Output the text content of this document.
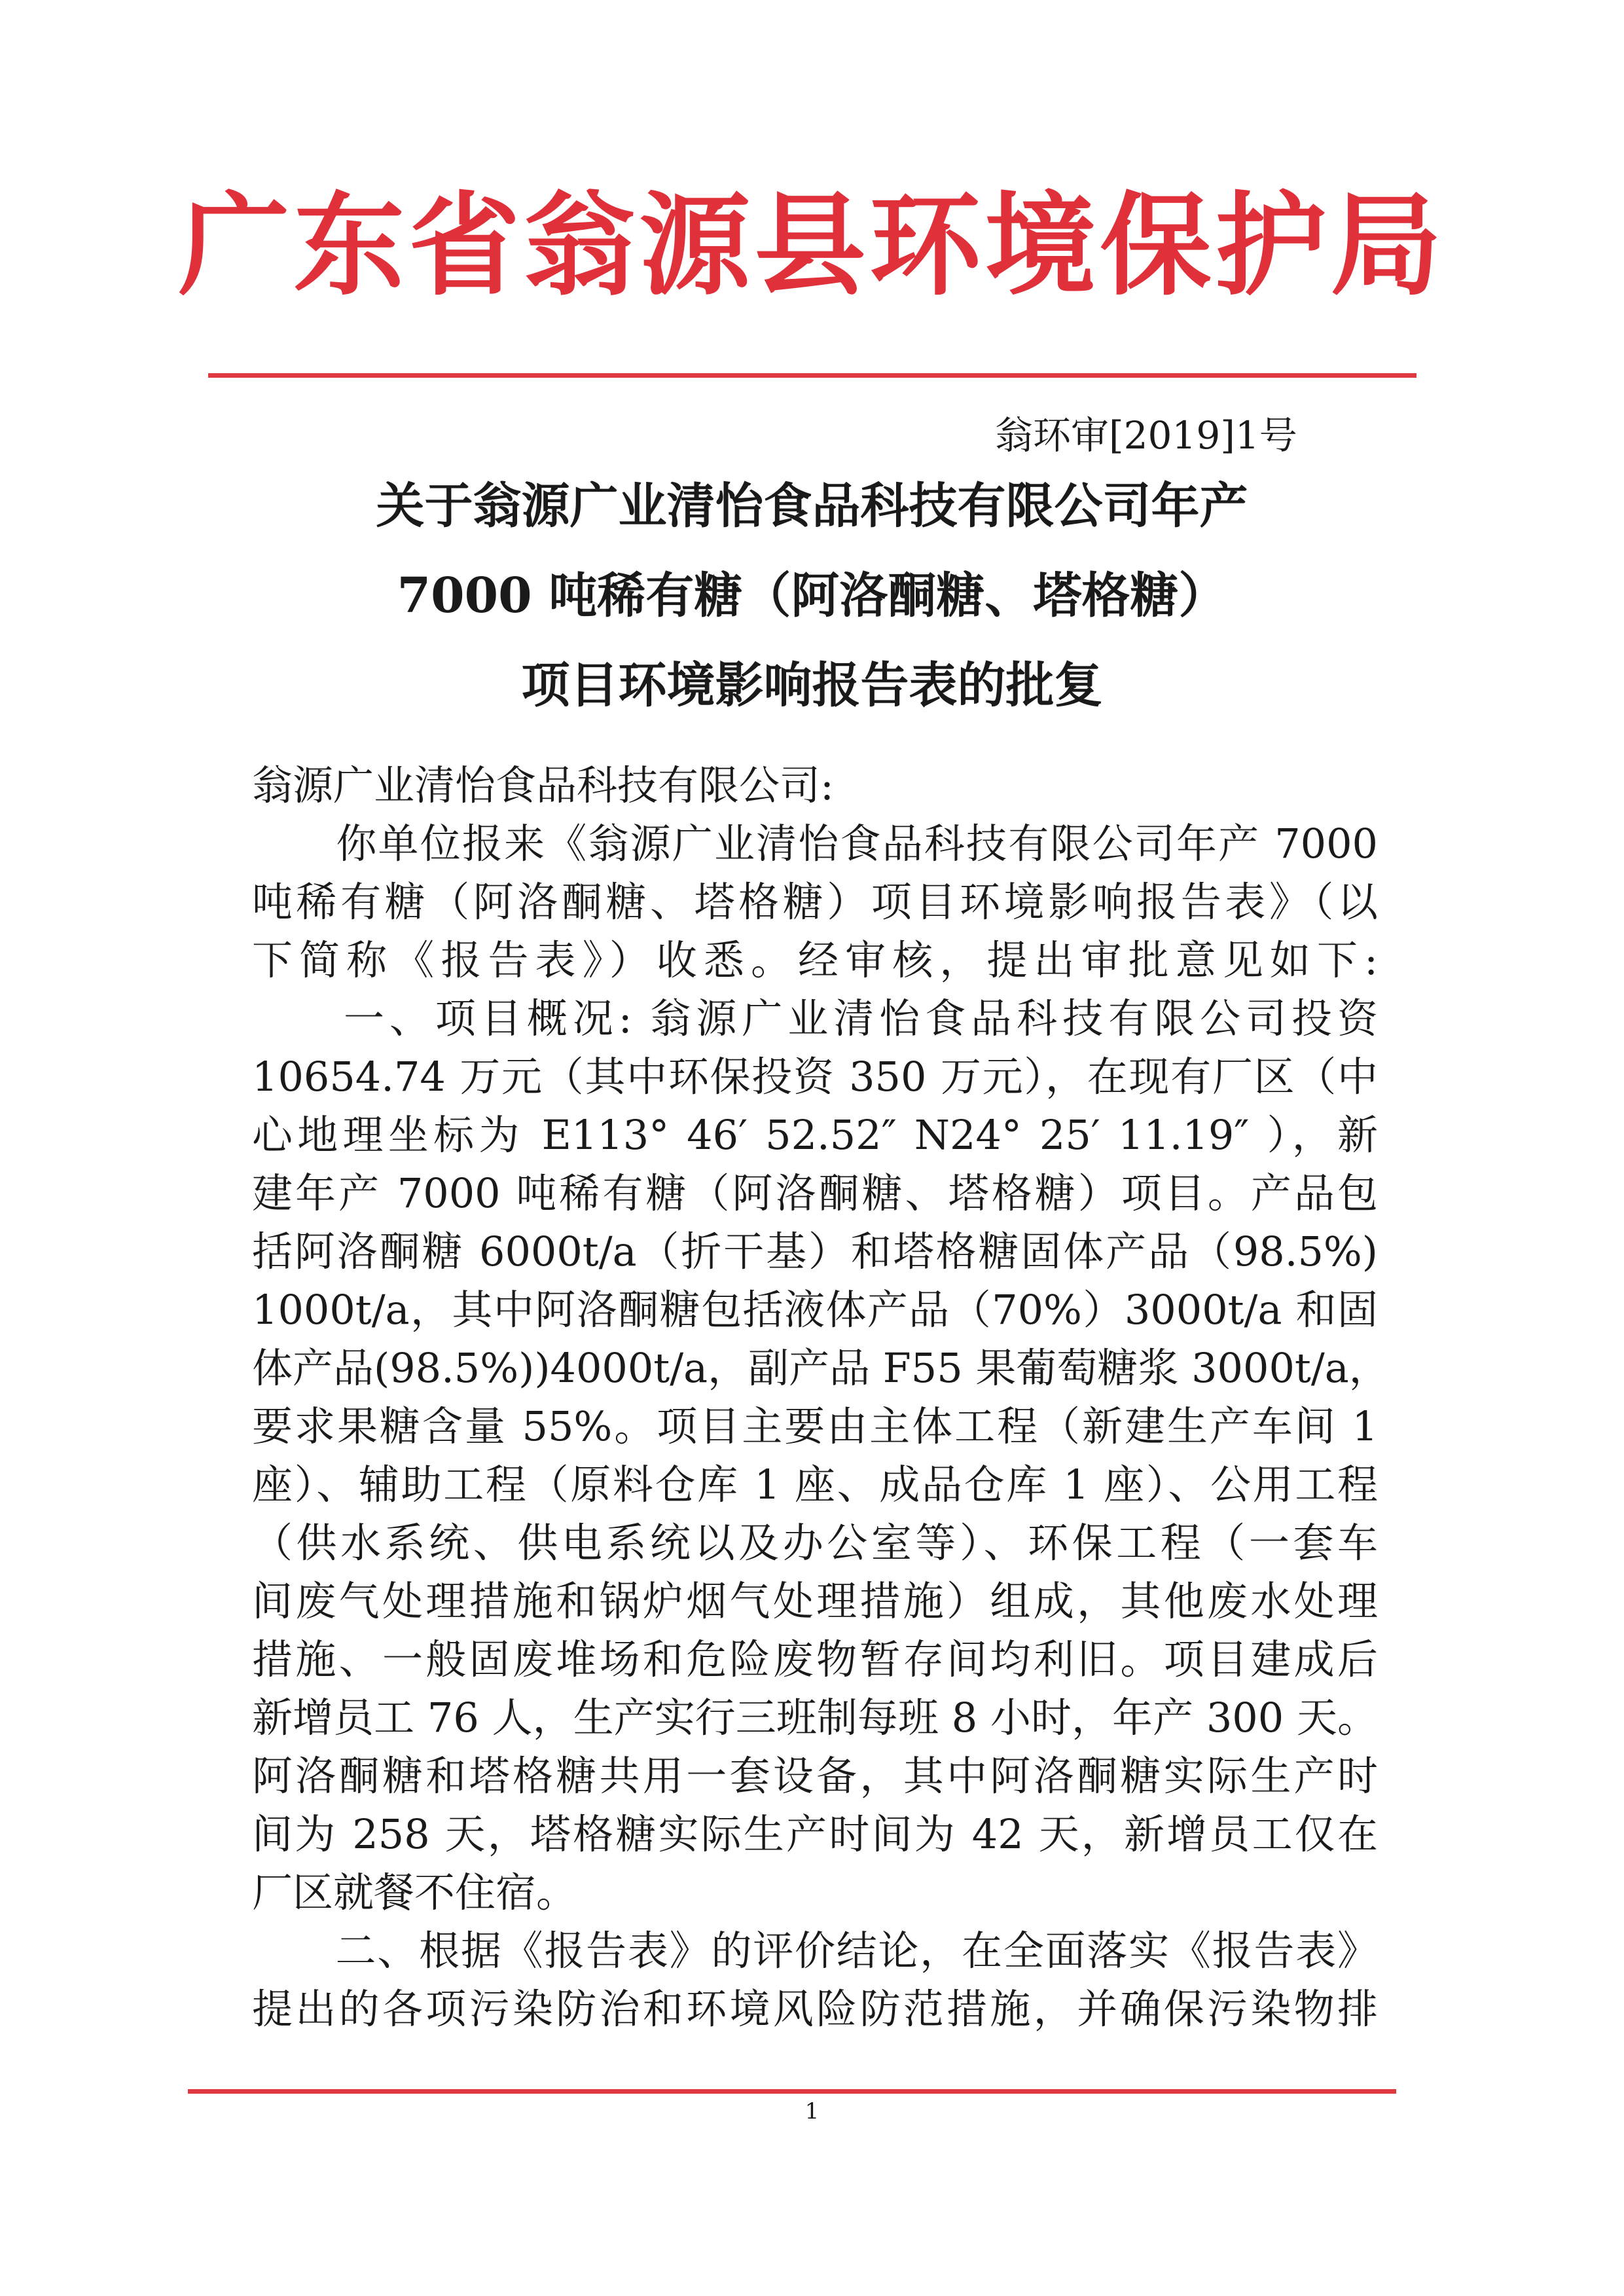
广东省翁源县环境保护局
翁环审[2019]1号
关于翁源广业清怡食品科技有限公司年产
7000 吨稀有糖（阿洛酮糖、塔格糖）
项目环境影响报告表的批复
翁源广业清怡食品科技有限公司:
　　你单位报来《翁源广业清怡食品科技有限公司年产 7000
吨稀有糖（阿洛酮糖、塔格糖）项目环境影响报告表》（以
下简称《报告表》）收悉。经审核，提出审批意见如下:
　　一、项目概况: 翁源广业清怡食品科技有限公司投资
10654.74 万元（其中环保投资 350 万元），在现有厂区（中
心地理坐标为 E113° 46′ 52.52″ N24° 25′ 11.19″ ），新
建年产 7000 吨稀有糖（阿洛酮糖、塔格糖）项目。产品包
括阿洛酮糖 6000t/a（折干基）和塔格糖固体产品（98.5%)
1000t/a，其中阿洛酮糖包括液体产品（70%）3000t/a 和固
体产品(98.5%))4000t/a，副产品 F55 果葡萄糖浆 3000t/a，
要求果糖含量 55%。项目主要由主体工程（新建生产车间 1
座）、辅助工程（原料仓库 1 座、成品仓库 1 座）、公用工程
（供水系统、供电系统以及办公室等）、环保工程（一套车
间废气处理措施和锅炉烟气处理措施）组成，其他废水处理
措施、一般固废堆场和危险废物暂存间均利旧。项目建成后
新增员工 76 人，生产实行三班制每班 8 小时，年产 300 天。
阿洛酮糖和塔格糖共用一套设备，其中阿洛酮糖实际生产时
间为 258 天，塔格糖实际生产时间为 42 天，新增员工仅在
厂区就餐不住宿。
　　二、根据《报告表》的评价结论，在全面落实《报告表》
提出的各项污染防治和环境风险防范措施，并确保污染物排
1
